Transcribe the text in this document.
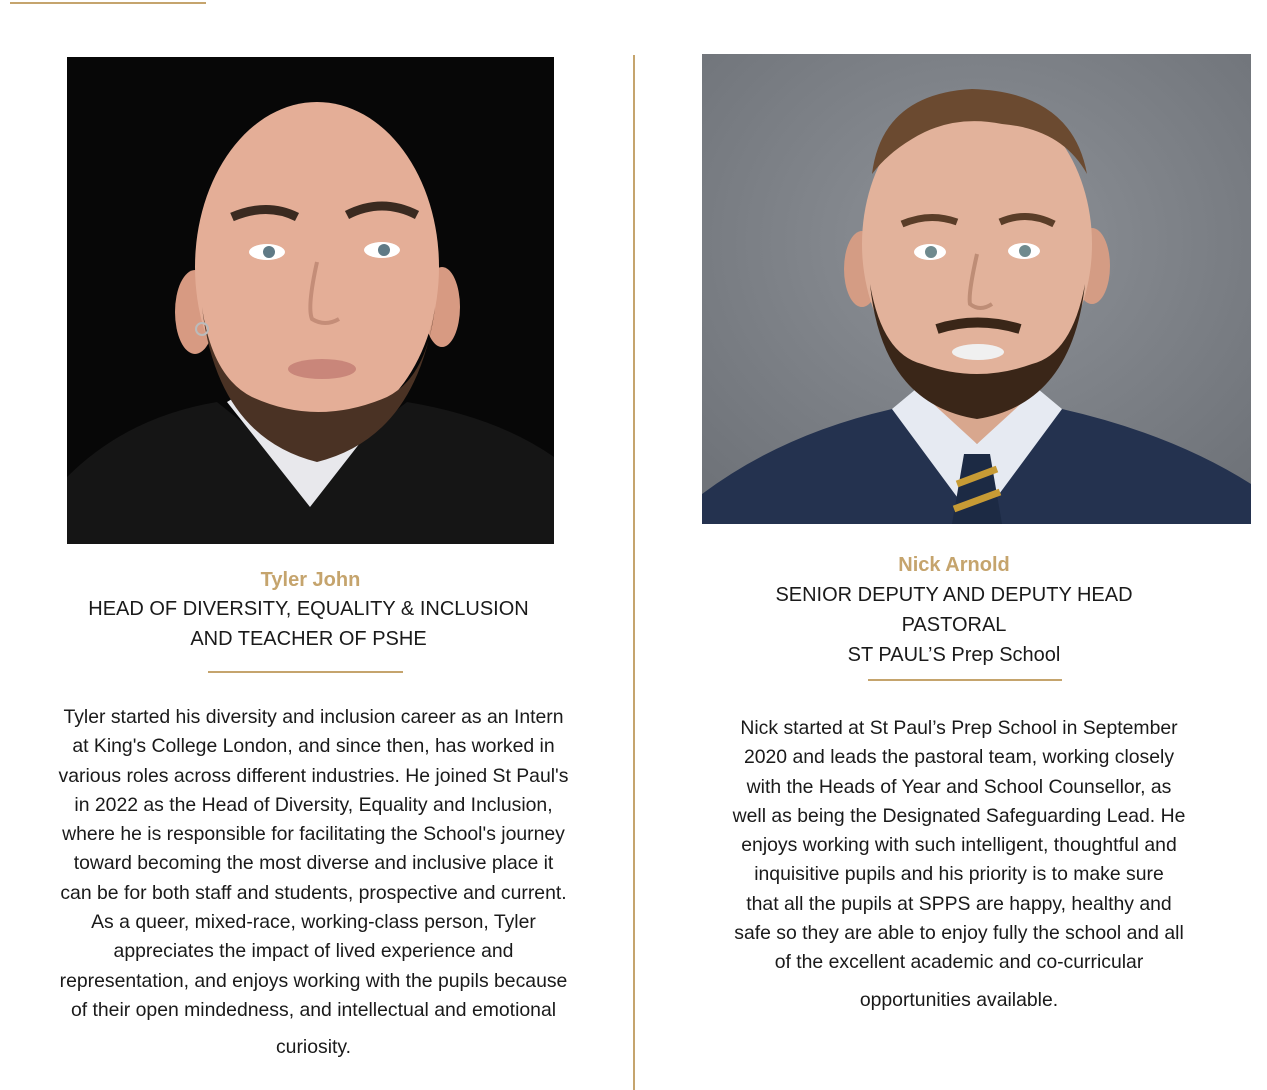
Tyler John
HEAD OF DIVERSITY, EQUALITY & INCLUSION
AND TEACHER OF PSHE
Tyler started his diversity and inclusion career as an Intern
at King's College London, and since then, has worked in
various roles across different industries. He joined St Paul's
in 2022 as the Head of Diversity, Equality and Inclusion,
where he is responsible for facilitating the School's journey
toward becoming the most diverse and inclusive place it
can be for both staff and students, prospective and current.
As a queer, mixed-race, working-class person, Tyler
appreciates the impact of lived experience and
representation, and enjoys working with the pupils because
of their open mindedness, and intellectual and emotional
curiosity.
Nick Arnold
SENIOR DEPUTY AND DEPUTY HEAD
PASTORAL
ST PAUL’S Prep School
Nick started at St Paul’s Prep School in September
2020 and leads the pastoral team, working closely
with the Heads of Year and School Counsellor, as
well as being the Designated Safeguarding Lead. He
enjoys working with such intelligent, thoughtful and
inquisitive pupils and his priority is to make sure
that all the pupils at SPPS are happy, healthy and
safe so they are able to enjoy fully the school and all
of the excellent academic and co-curricular
opportunities available.
